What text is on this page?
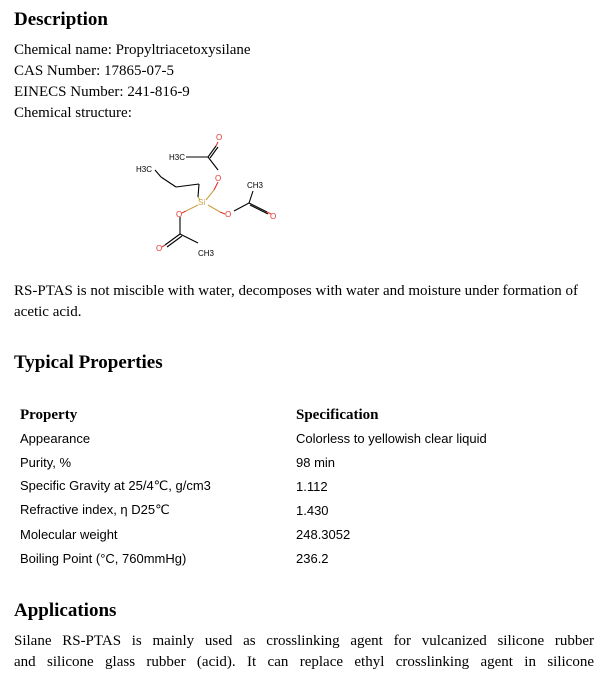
Description
Chemical name: Propyltriacetoxysilane
CAS Number: 17865-07-5
EINECS Number: 241-816-9
Chemical structure:
H3C
H3C
CH3
CH3
Si
O
O
O	O
O
O
RS-PTAS is not miscible with water, decomposes with water and moisture under formation of acetic acid.
Typical Properties
Property	Specification
Appearance	Colorless to yellowish clear liquid
Purity, %	98 min
Specific Gravity at 25/4℃, g/cm3	1.112
Refractive index, η D25℃	1.430
Molecular weight	248.3052
Boiling Point (°C, 760mmHg)	236.2
Applications
Silane RS-PTAS is mainly used as crosslinking agent for vulcanized silicone rubber
and silicone glass rubber (acid). It can replace ethyl crosslinking agent in silicone
